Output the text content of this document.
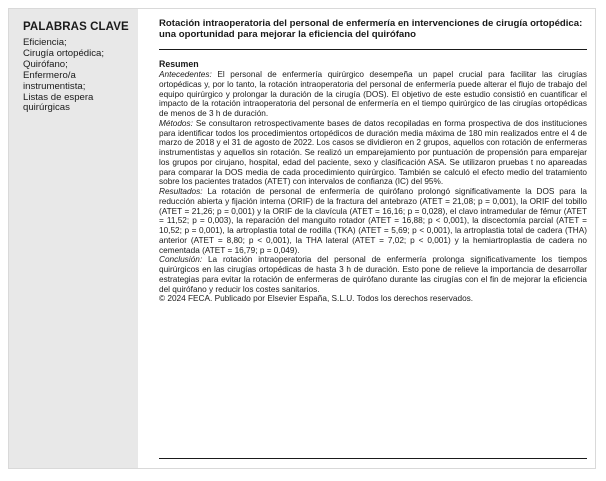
PALABRAS CLAVE
Eficiencia;
Cirugía ortopédica;
Quirófano;
Enfermero/a
instrumentista;
Listas de espera
quirúrgicas
Rotación intraoperatoria del personal de enfermería en intervenciones de cirugía ortopédica: una oportunidad para mejorar la eficiencia del quirófano
Resumen

Antecedentes: El personal de enfermería quirúrgico desempeña un papel crucial para facilitar las cirugías ortopédicas y, por lo tanto, la rotación intraoperatoria del personal de enfermería puede alterar el flujo de trabajo del equipo quirúrgico y prolongar la duración de la cirugía (DOS). El objetivo de este estudio consistió en cuantificar el impacto de la rotación intraoperatoria del personal de enfermería en el tiempo quirúrgico de las cirugías ortopédicas de menos de 3 h de duración.

Métodos: Se consultaron retrospectivamente bases de datos recopiladas en forma prospectiva de dos instituciones para identificar todos los procedimientos ortopédicos de duración media máxima de 180 min realizados entre el 4 de marzo de 2018 y el 31 de agosto de 2022. Los casos se dividieron en 2 grupos, aquellos con rotación de enfermeras instrumentistas y aquellos sin rotación. Se realizó un emparejamiento por puntuación de propensión para emparejar los grupos por cirujano, hospital, edad del paciente, sexo y clasificación ASA. Se utilizaron pruebas t no apareadas para comparar la DOS media de cada procedimiento quirúrgico. También se calculó el efecto medio del tratamiento sobre los pacientes tratados (ATET) con intervalos de confianza (IC) del 95%.

Resultados: La rotación de personal de enfermería de quirófano prolongó significativamente la DOS para la reducción abierta y fijación interna (ORIF) de la fractura del antebrazo (ATET = 21,08; p = 0,001), la ORIF del tobillo (ATET = 21,26; p = 0,001) y la ORIF de la clavícula (ATET = 16,16; p = 0,028), el clavo intramedular de fémur (ATET = 11,52; p = 0,003), la reparación del manguito rotador (ATET = 16,88; p < 0,001), la discectomía parcial (ATET = 10,52; p = 0,001), la artroplastia total de rodilla (TKA) (ATET = 5,69; p < 0,001), la artroplastia total de cadera (THA) anterior (ATET = 8,80; p < 0,001), la THA lateral (ATET = 7,02; p < 0,001) y la hemiartroplastia de cadera no cementada (ATET = 16,79; p = 0,049).

Conclusión: La rotación intraoperatoria del personal de enfermería prolonga significativamente los tiempos quirúrgicos en las cirugías ortopédicas de hasta 3 h de duración. Esto pone de relieve la importancia de desarrollar estrategias para evitar la rotación de enfermeras de quirófano durante las cirugías con el fin de mejorar la eficiencia del quirófano y reducir los costes sanitarios.

© 2024 FECA. Publicado por Elsevier España, S.L.U. Todos los derechos reservados.
